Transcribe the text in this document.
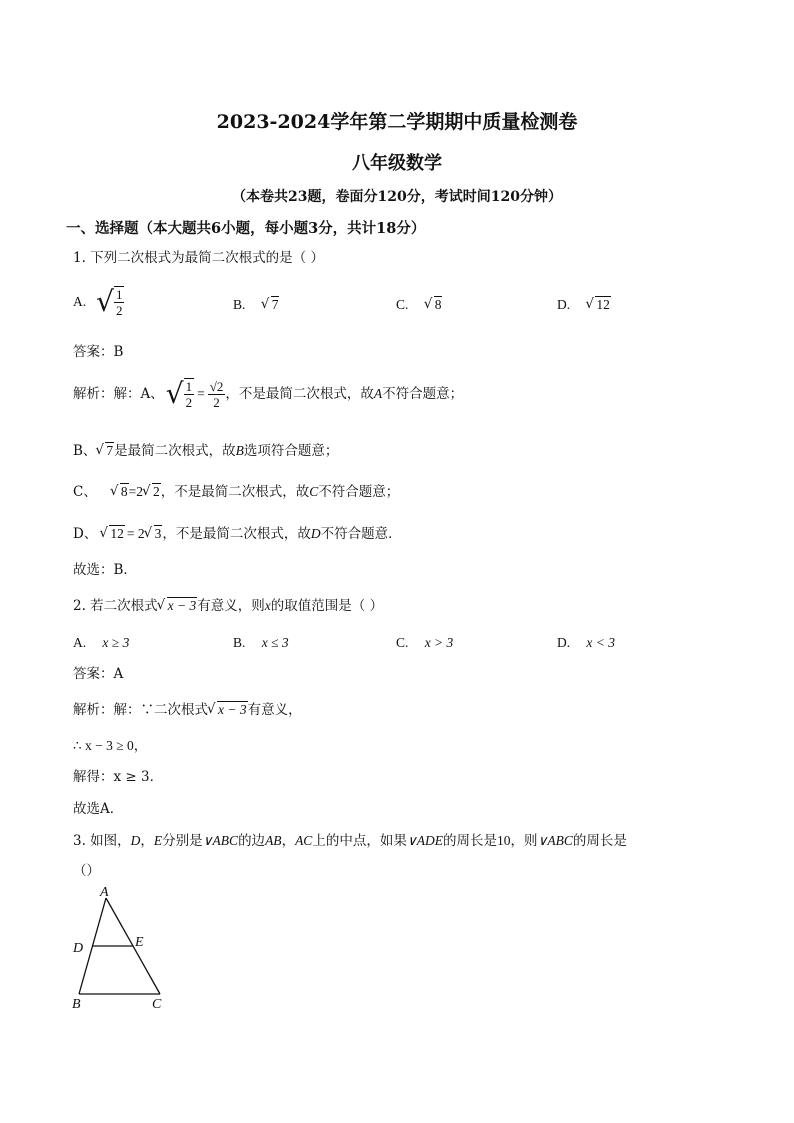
2023-2024学年第二学期期中质量检测卷
八年级数学
（本卷共23题，卷面分120分，考试时间120分钟）
一、选择题（本大题共6小题，每小题3分，共计18分）
1. 下列二次根式为最简二次根式的是（ ）
A. √ $\frac{1}{2}$	B. √ 7	C. √ 8	D. √ 12
答案：B
解析：解：A、 √ $\frac{1}{2} = \frac{√2}{2}$ ，不是最简二次根式，故 A 不符合题意；
B、 √ 7是最简二次根式，故B选项符合题意；
C、 √ 8=2 √ 2，不是最简二次根式，故C不符合题意；
D、 √ 12 = 2 √ 3，不是最简二次根式，故D不符合题意．
故选：B．
2. 若二次根式 √ x − 3有意义，则x的取值范围是（ ）
A. x ≥ 3	B. x ≤ 3	C. x > 3	D. x < 3
答案：A
解析：解：∵二次根式 √ x − 3有意义，
∴ x − 3 ≥ 0，
解得：x ≥ 3．
故选A．
3. 如图，D，E分别是∨ABC的边AB，AC上的中点，如果∨ADE的周长是10，则∨ABC的周长是
（）
A
D	E
B	C
